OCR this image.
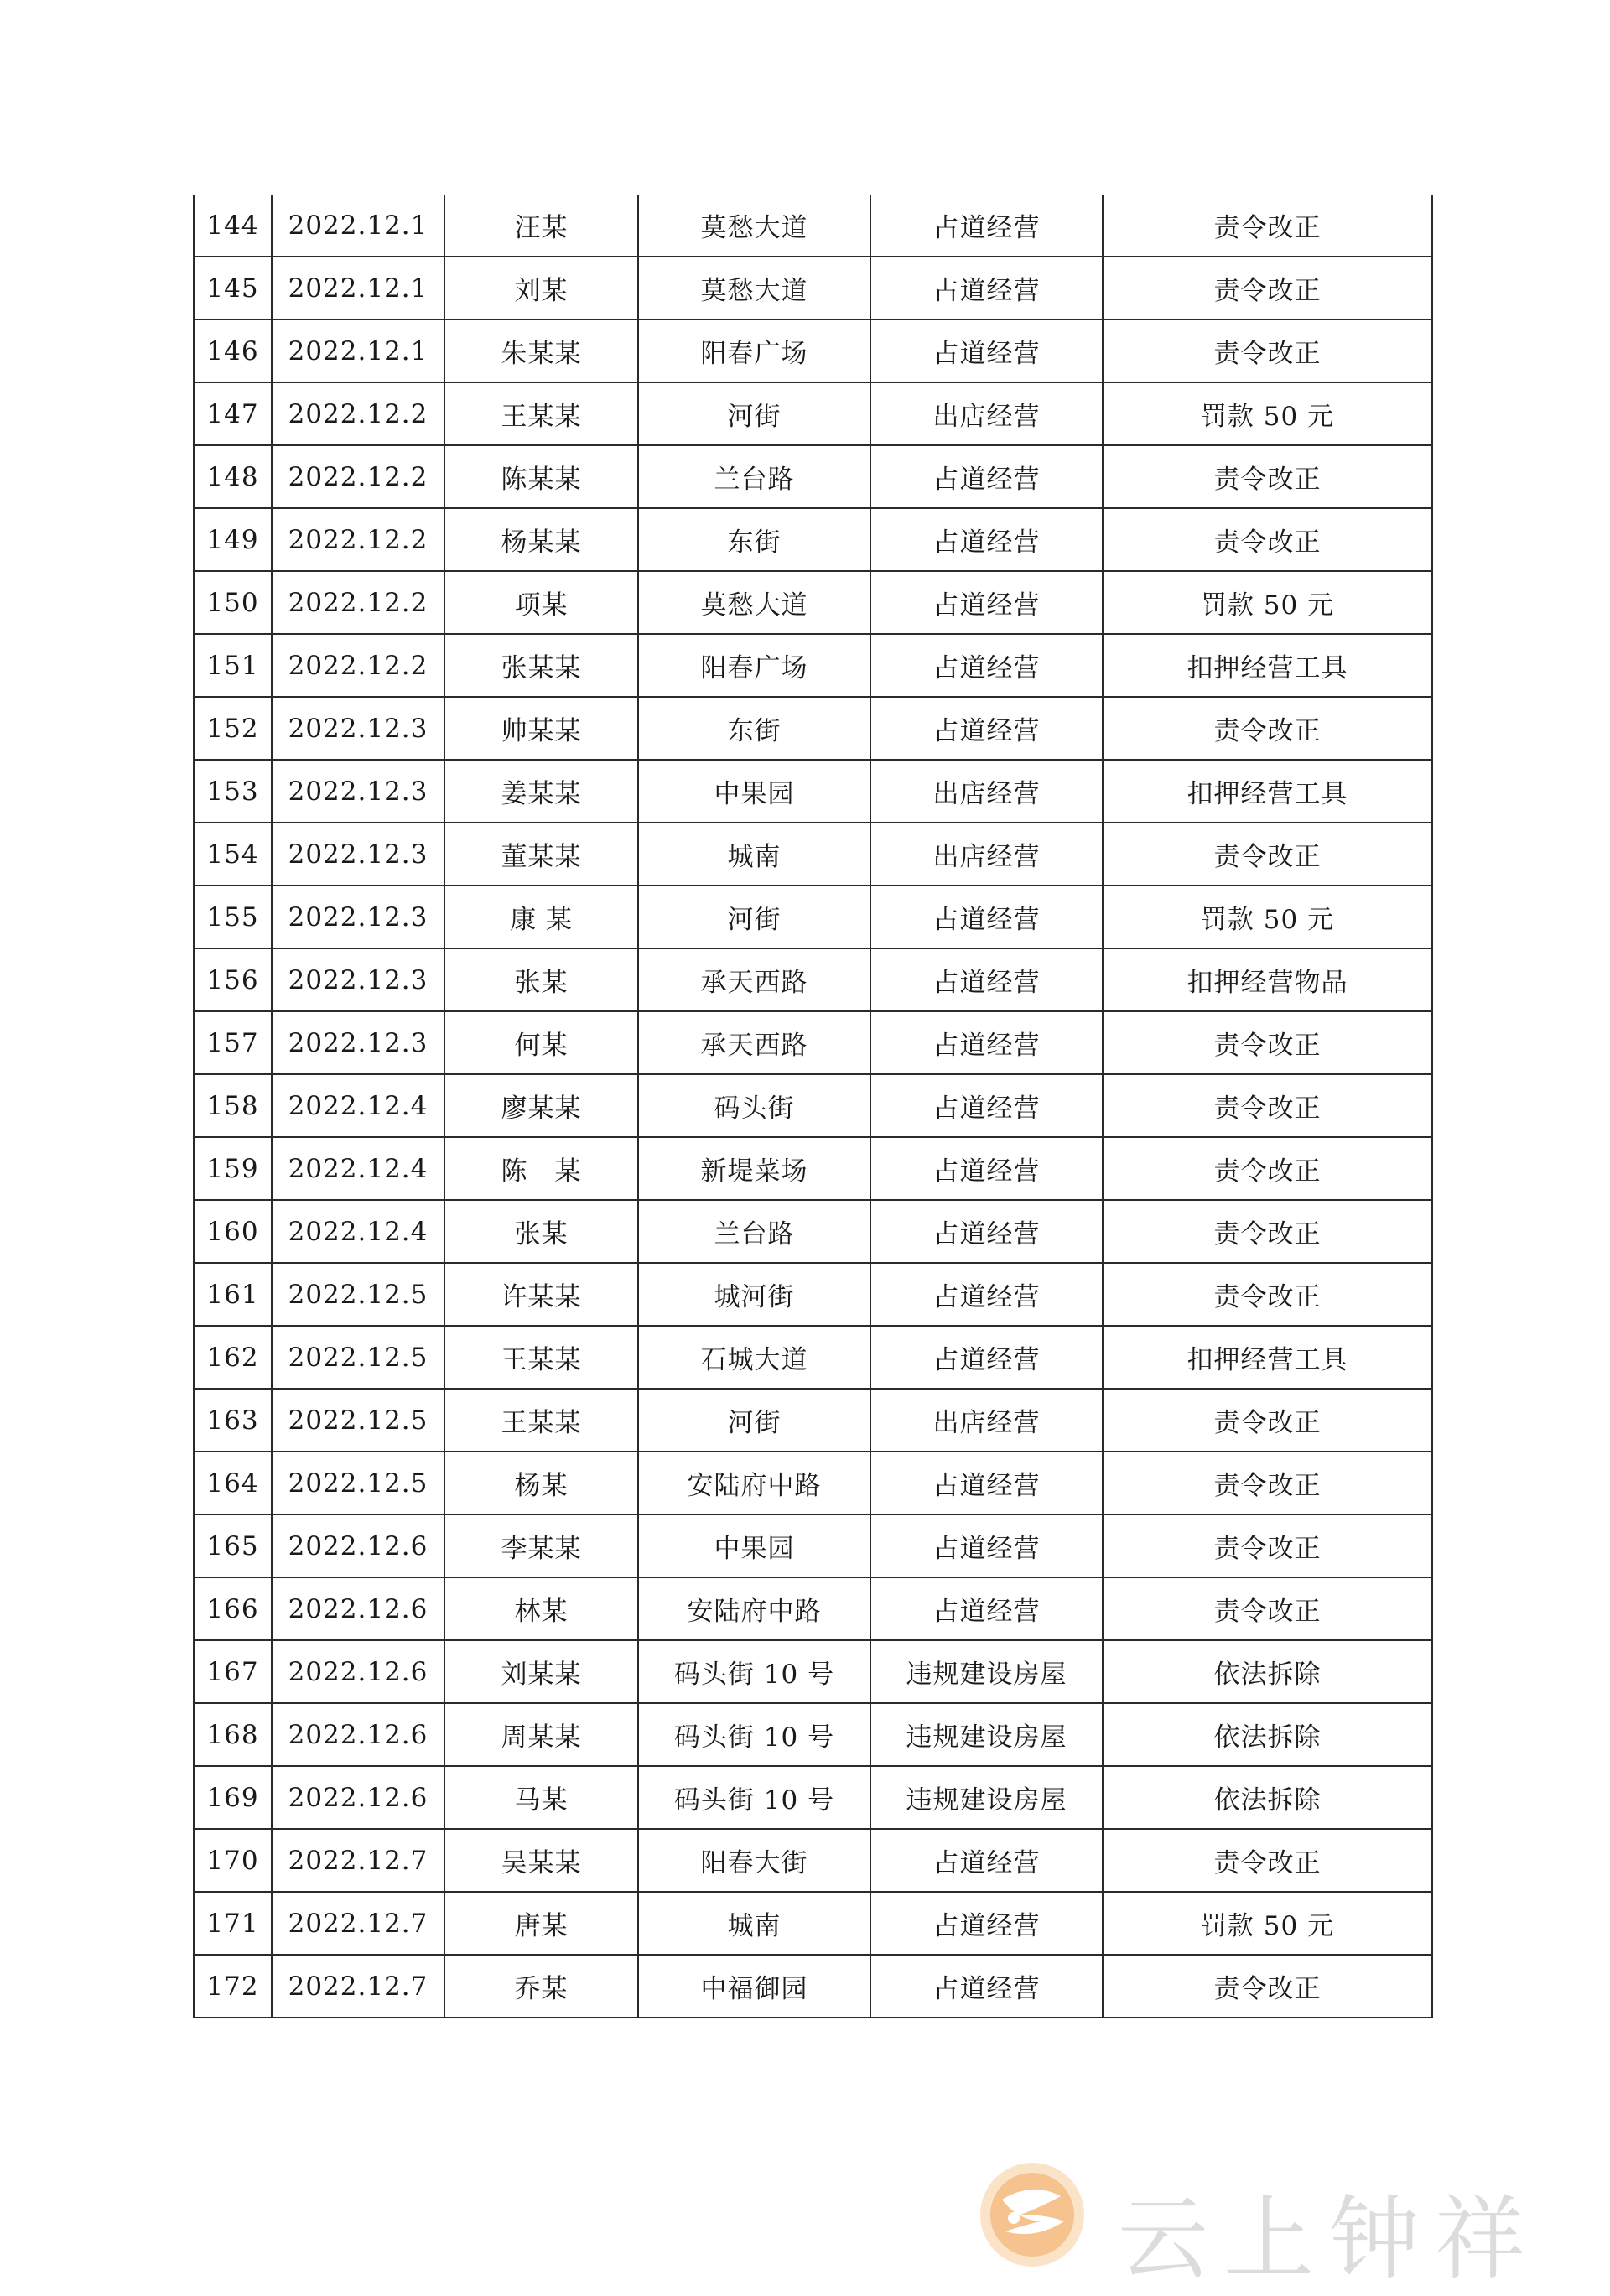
144	2022.12.1	汪某	莫愁大道	占道经营	责令改正
145	2022.12.1	刘某	莫愁大道	占道经营	责令改正
146	2022.12.1	朱某某	阳春广场	占道经营	责令改正
147	2022.12.2	王某某	河街	出店经营	罚款 50 元
148	2022.12.2	陈某某	兰台路	占道经营	责令改正
149	2022.12.2	杨某某	东街	占道经营	责令改正
150	2022.12.2	项某	莫愁大道	占道经营	罚款 50 元
151	2022.12.2	张某某	阳春广场	占道经营	扣押经营工具
152	2022.12.3	帅某某	东街	占道经营	责令改正
153	2022.12.3	姜某某	中果园	出店经营	扣押经营工具
154	2022.12.3	董某某	城南	出店经营	责令改正
155	2022.12.3	康 某	河街	占道经营	罚款 50 元
156	2022.12.3	张某	承天西路	占道经营	扣押经营物品
157	2022.12.3	何某	承天西路	占道经营	责令改正
158	2022.12.4	廖某某	码头街	占道经营	责令改正
159	2022.12.4	陈　某	新堤菜场	占道经营	责令改正
160	2022.12.4	张某	兰台路	占道经营	责令改正
161	2022.12.5	许某某	城河街	占道经营	责令改正
162	2022.12.5	王某某	石城大道	占道经营	扣押经营工具
163	2022.12.5	王某某	河街	出店经营	责令改正
164	2022.12.5	杨某	安陆府中路	占道经营	责令改正
165	2022.12.6	李某某	中果园	占道经营	责令改正
166	2022.12.6	林某	安陆府中路	占道经营	责令改正
167	2022.12.6	刘某某	码头街 10 号	违规建设房屋	依法拆除
168	2022.12.6	周某某	码头街 10 号	违规建设房屋	依法拆除
169	2022.12.6	马某	码头街 10 号	违规建设房屋	依法拆除
170	2022.12.7	吴某某	阳春大街	占道经营	责令改正
171	2022.12.7	唐某	城南	占道经营	罚款 50 元
172	2022.12.7	乔某	中福御园	占道经营	责令改正
云上钟祥
